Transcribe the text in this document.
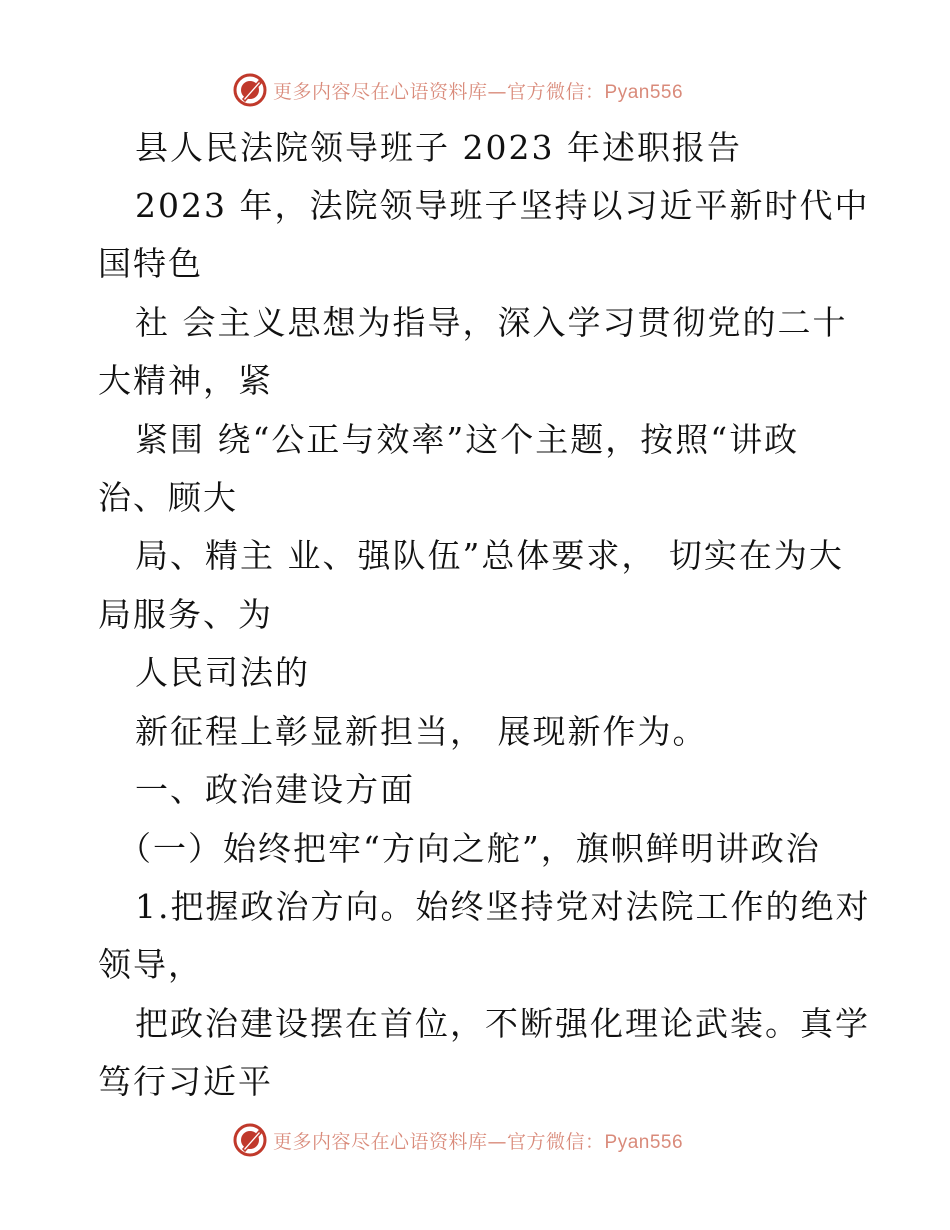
更多内容尽在心语资料库—官方微信：Pyan556
县人民法院领导班子 2023 年述职报告
2023 年，法院领导班子坚持以习近平新时代中
国特色
社 会主义思想为指导，深入学习贯彻党的二十
大精神，紧
紧围 绕“公正与效率”这个主题，按照“讲政
治、顾大
局、精主 业、强队伍”总体要求， 切实在为大
局服务、为
人民司法的
新征程上彰显新担当， 展现新作为。
一、政治建设方面
（一）始终把牢“方向之舵”，旗帜鲜明讲政治
1.把握政治方向。始终坚持党对法院工作的绝对
领导，
把政治建设摆在首位，不断强化理论武装。真学
笃行习近平
更多内容尽在心语资料库—官方微信：Pyan556
